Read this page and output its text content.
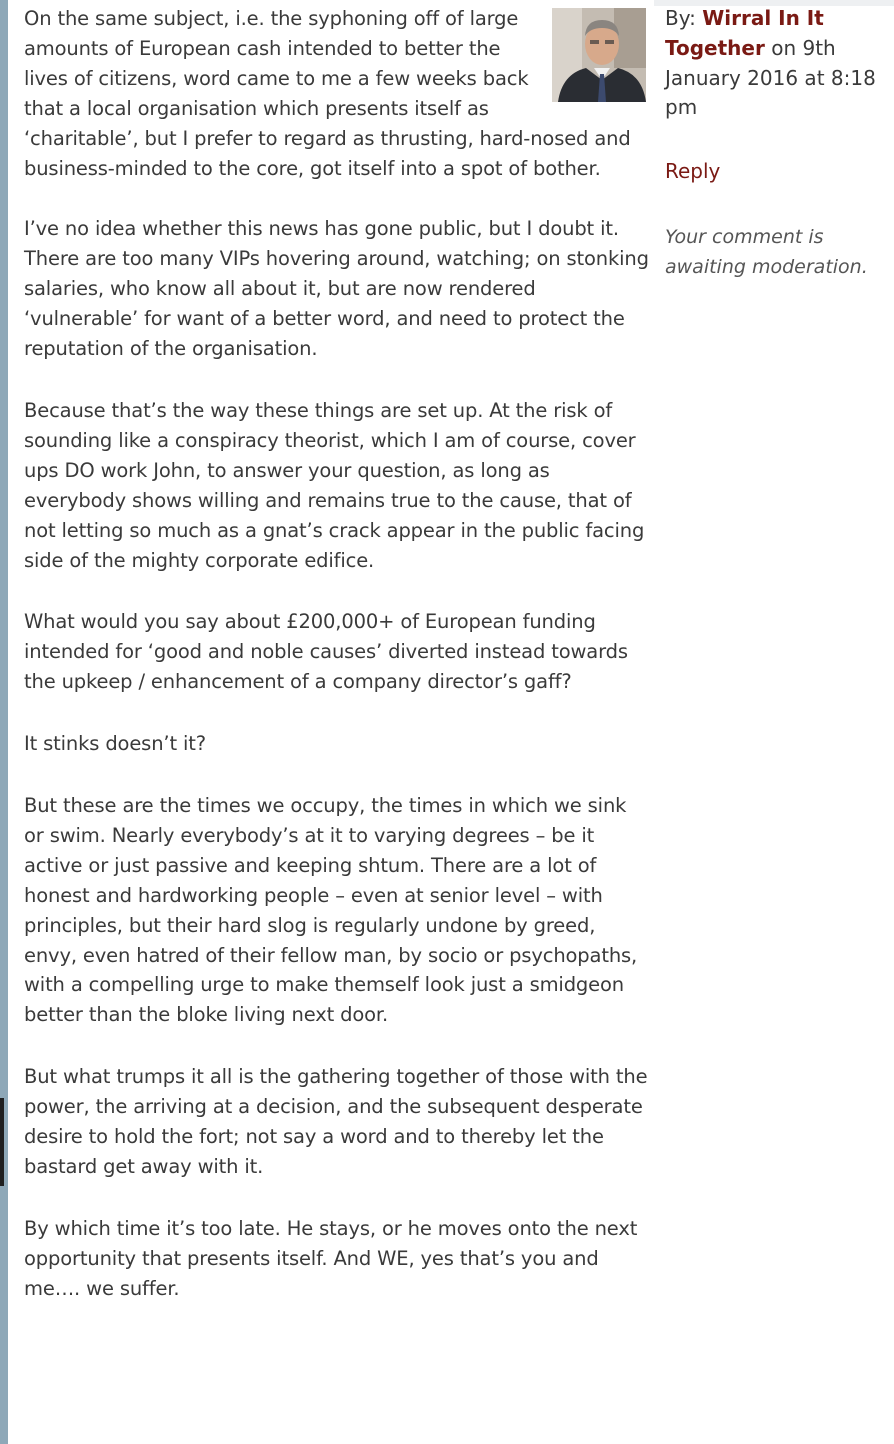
On the same subject, i.e. the syphoning off of large amounts of European cash intended to better the lives of citizens, word came to me a few weeks back that a local organisation which presents itself as ‘charitable’, but I prefer to regard as thrusting, hard-nosed and business-minded to the core, got itself into a spot of bother.

I’ve no idea whether this news has gone public, but I doubt it. There are too many VIPs hovering around, watching; on stonking salaries, who know all about it, but are now rendered ‘vulnerable’ for want of a better word, and need to protect the reputation of the organisation.

Because that’s the way these things are set up. At the risk of sounding like a conspiracy theorist, which I am of course, cover ups DO work John, to answer your question, as long as everybody shows willing and remains true to the cause, that of not letting so much as a gnat’s crack appear in the public facing side of the mighty corporate edifice.

What would you say about £200,000+ of European funding intended for ‘good and noble causes’ diverted instead towards the upkeep / enhancement of a company director’s gaff?

It stinks doesn’t it?

But these are the times we occupy, the times in which we sink or swim. Nearly everybody’s at it to varying degrees – be it active or just passive and keeping shtum. There are a lot of honest and hardworking people – even at senior level – with principles, but their hard slog is regularly undone by greed, envy, even hatred of their fellow man, by socio or psychopaths, with a compelling urge to make themself look just a smidgeon better than the bloke living next door.

But what trumps it all is the gathering together of those with the power, the arriving at a decision, and the subsequent desperate desire to hold the fort; not say a word and to thereby let the bastard get away with it.

By which time it’s too late. He stays, or he moves onto the next opportunity that presents itself. And WE, yes that’s you and me…. we suffer.

By: Wirral In It Together on 9th January 2016 at 8:18 pm
Reply
Your comment is awaiting moderation.
